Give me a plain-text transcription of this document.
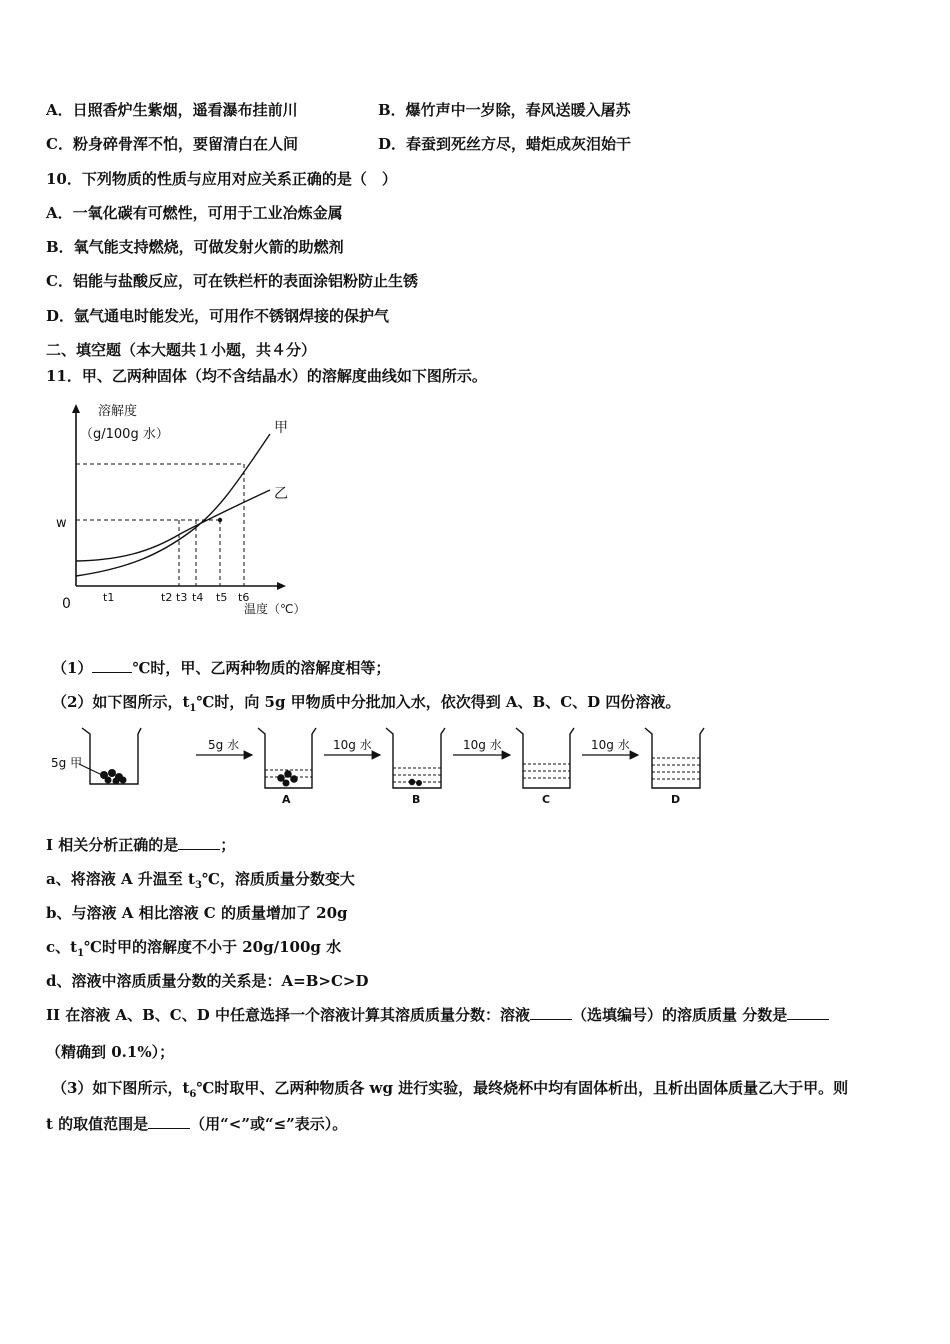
A．日照香炉生紫烟，遥看瀑布挂前川	B．爆竹声中一岁除，春风送暖入屠苏
C．粉身碎骨浑不怕，要留清白在人间	D．春蚕到死丝方尽，蜡炬成灰泪始干
10．下列物质的性质与应用对应关系正确的是（　）
A．一氧化碳有可燃性，可用于工业冶炼金属
B．氧气能支持燃烧，可做发射火箭的助燃剂
C．铝能与盐酸反应，可在铁栏杆的表面涂铝粉防止生锈
D．氩气通电时能发光，可用作不锈钢焊接的保护气
二、填空题（本大题共１小题，共４分）
11．甲、乙两种固体（均不含结晶水）的溶解度曲线如下图所示。
溶解度
（g/100g 水）
温度（℃）
0
w
甲
乙
t1	t2 t3 t4 t5 t6
（1）	℃时，甲、乙两种物质的溶解度相等；
（2）如下图所示，$t_1℃$时，向 5g 甲物质中分批加入水，依次得到 A、B、C、D 四份溶液。
5g 甲
5g 水
A
10g 水
B
10g 水
C
10g 水
D
I 相关分析正确的是	；
a、将溶液 A 升温至 $t_3℃$，溶质质量分数变大
b、与溶液 A 相比溶液 C 的质量增加了 20g
c、$t_1℃$时甲的溶解度不小于 20g/100g 水
d、溶液中溶质质量分数的关系是：A=B>C>D
II 在溶液 A、B、C、D 中任意选择一个溶液计算其溶质质量分数：溶液	（选填编号）的溶质质量 分数是
（精确到 0.1%）；
（3）如下图所示，$t_6℃$时取甲、乙两种物质各 wg 进行实验，最终烧杯中均有固体析出，且析出固体质量乙大于甲。则
t 的取值范围是	（用“<”或“≤”表示）。
